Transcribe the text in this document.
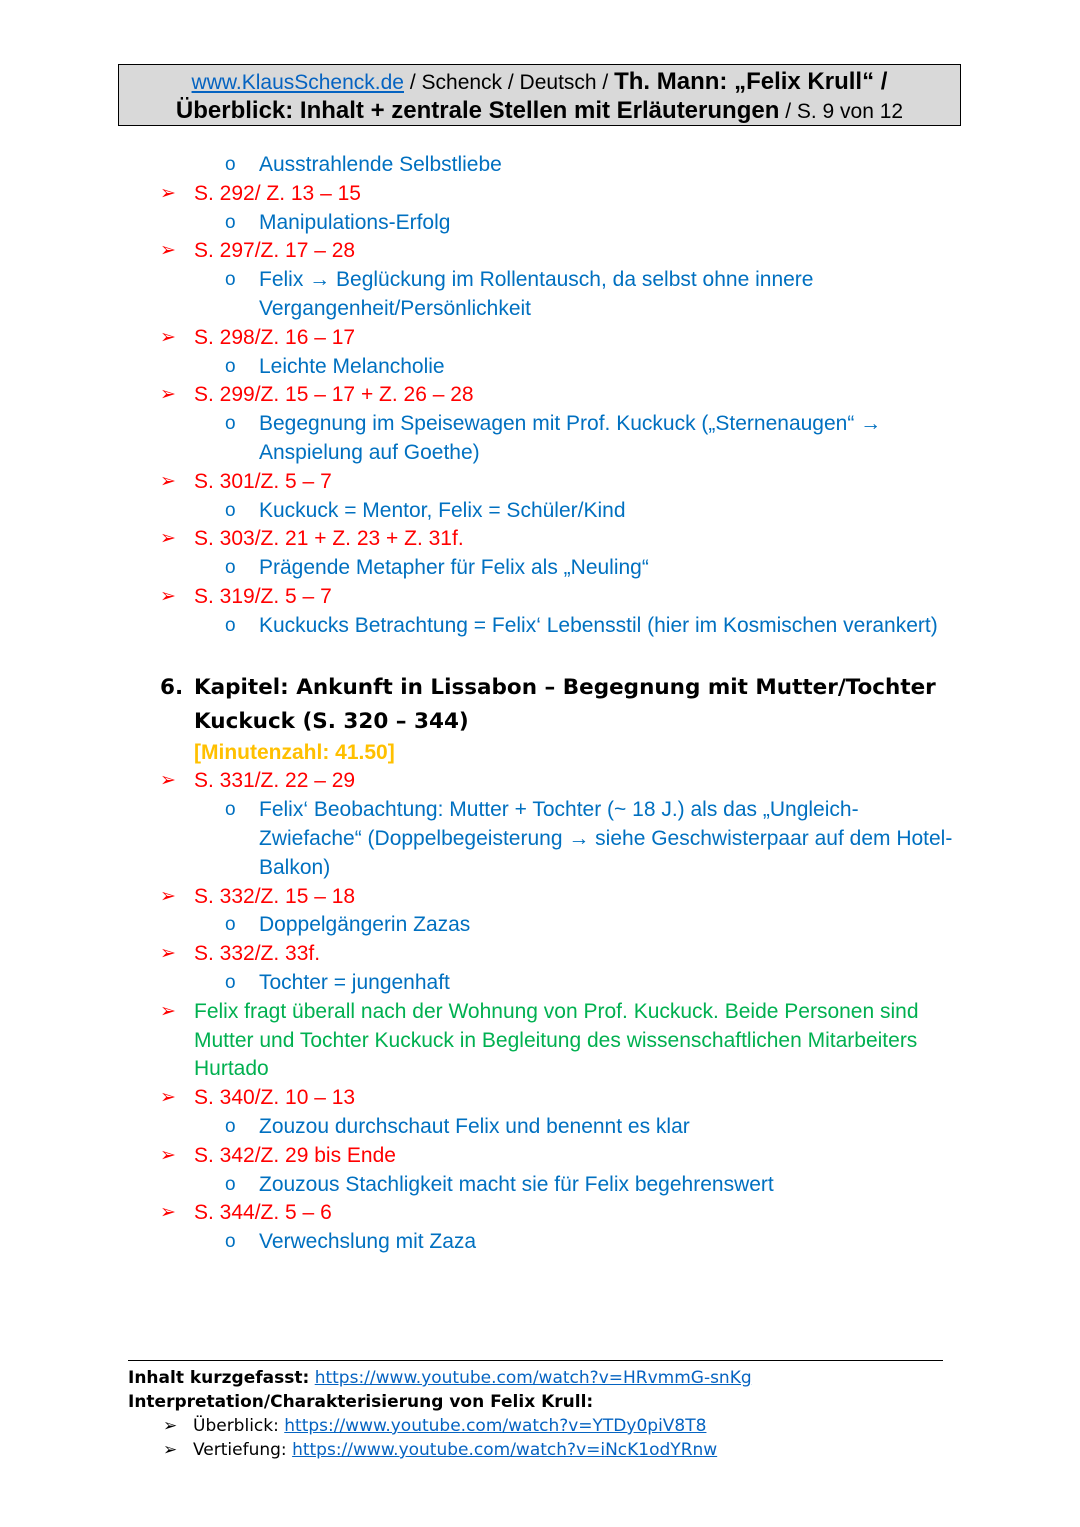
www.KlausSchenck.de / Schenck / Deutsch / Th. Mann: „Felix Krull“ /
Überblick: Inhalt + zentrale Stellen mit Erläuterungen / S. 9 von 12
o Ausstrahlende Selbstliebe
➢ S. 292/ Z. 13 – 15
o Manipulations-Erfolg
➢ S. 297/Z. 17 – 28
o Felix → Beglückung im Rollentausch, da selbst ohne innere Vergangenheit/Persönlichkeit
➢ S. 298/Z. 16 – 17
o Leichte Melancholie
➢ S. 299/Z. 15 – 17 + Z. 26 – 28
o Begegnung im Speisewagen mit Prof. Kuckuck („Sternenaugen“ → Anspielung auf Goethe)
➢ S. 301/Z. 5 – 7
o Kuckuck = Mentor, Felix = Schüler/Kind
➢ S. 303/Z. 21 + Z. 23 + Z. 31f.
o Prägende Metapher für Felix als „Neuling“
➢ S. 319/Z. 5 – 7
o Kuckucks Betrachtung = Felix‘ Lebensstil (hier im Kosmischen verankert)
6. Kapitel: Ankunft in Lissabon – Begegnung mit Mutter/Tochter Kuckuck (S. 320 – 344)
[Minutenzahl: 41.50]
➢ S. 331/Z. 22 – 29
o Felix‘ Beobachtung: Mutter + Tochter (~ 18 J.) als das „Ungleich-Zwiefache“ (Doppelbegeisterung → siehe Geschwisterpaar auf dem Hotel-Balkon)
➢ S. 332/Z. 15 – 18
o Doppelgängerin Zazas
➢ S. 332/Z. 33f.
o Tochter = jungenhaft
➢ Felix fragt überall nach der Wohnung von Prof. Kuckuck. Beide Personen sind Mutter und Tochter Kuckuck in Begleitung des wissenschaftlichen Mitarbeiters Hurtado
➢ S. 340/Z. 10 – 13
o Zouzou durchschaut Felix und benennt es klar
➢ S. 342/Z. 29 bis Ende
o Zouzous Stachligkeit macht sie für Felix begehrenswert
➢ S. 344/Z. 5 – 6
o Verwechslung mit Zaza
Inhalt kurzgefasst: https://www.youtube.com/watch?v=HRvmmG-snKg
Interpretation/Charakterisierung von Felix Krull:
➢ Überblick: https://www.youtube.com/watch?v=YTDy0piV8T8
➢ Vertiefung: https://www.youtube.com/watch?v=iNcK1odYRnw
